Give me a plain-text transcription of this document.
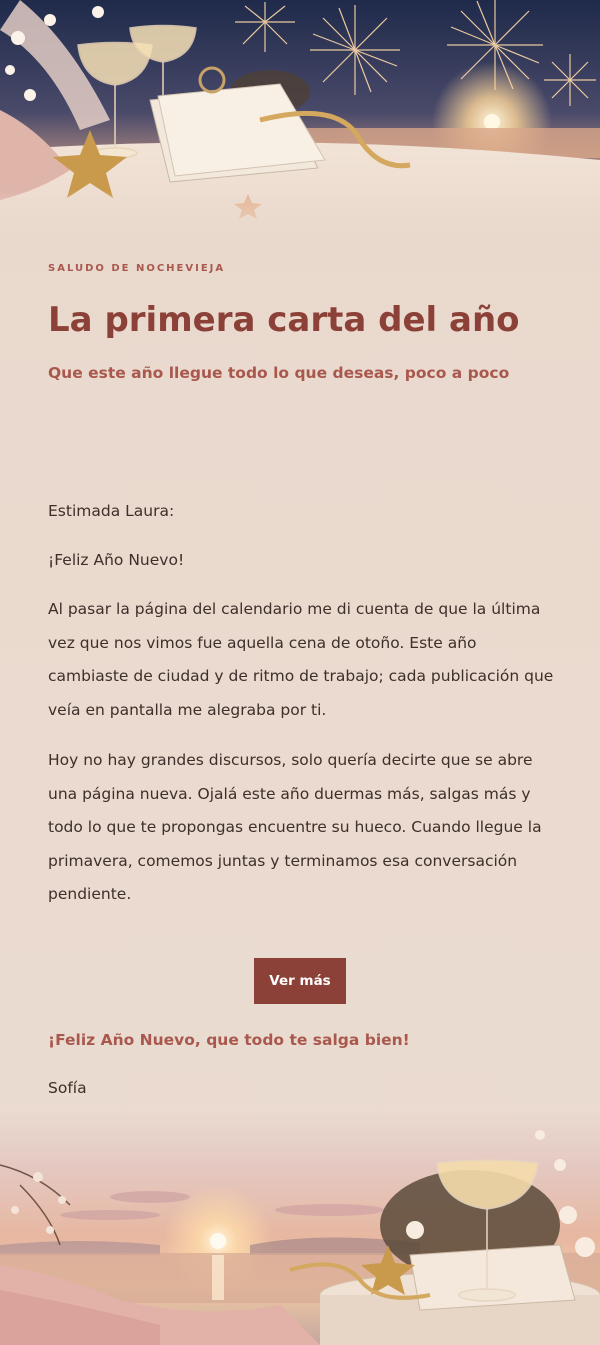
SALUDO DE NOCHEVIEJA
La primera carta del año
Que este año llegue todo lo que deseas, poco a poco
Estimada Laura:
¡Feliz Año Nuevo!

Al pasar la página del calendario me di cuenta de que la última vez que nos vimos fue aquella cena de otoño. Este año cambiaste de ciudad y de ritmo de trabajo; cada publicación que veía en pantalla me alegraba por ti.

Hoy no hay grandes discursos, solo quería decirte que se abre una página nueva. Ojalá este año duermas más, salgas más y todo lo que te propongas encuentre su hueco. Cuando llegue la primavera, comemos juntas y terminamos esa conversación pendiente.

Ver más
¡Feliz Año Nuevo, que todo te salga bien!
Sofía
